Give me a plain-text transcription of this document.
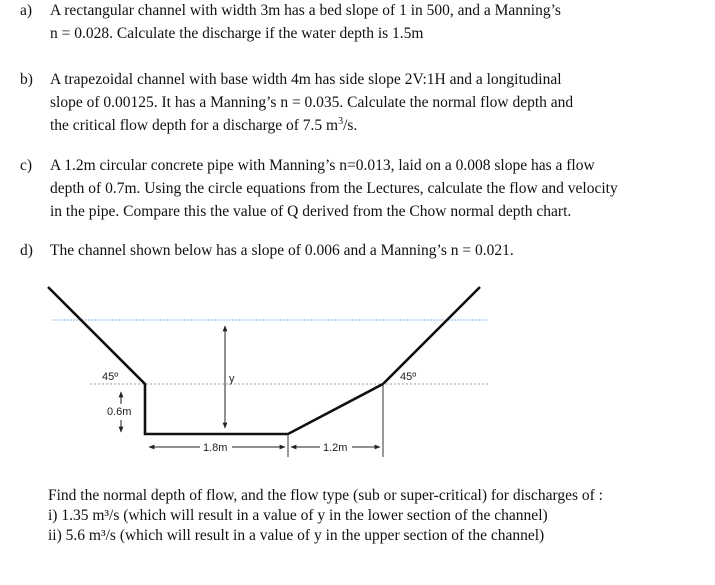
a) A rectangular channel with width 3m has a bed slope of 1 in 500, and a Manning’s
n = 0.028. Calculate the discharge if the water depth is 1.5m
b) A trapezoidal channel with base width 4m has side slope 2V:1H and a longitudinal
slope of 0.00125. It has a Manning’s n = 0.035. Calculate the normal flow depth and
the critical flow depth for a discharge of 7.5 $m^3/s$.
c) A 1.2m circular concrete pipe with Manning’s n=0.013, laid on a 0.008 slope has a flow
depth of 0.7m. Using the circle equations from the Lectures, calculate the flow and velocity
in the pipe. Compare this the value of Q derived from the Chow normal depth chart.
d) The channel shown below has a slope of 0.006 and a Manning’s n = 0.021.
y
45º	45º
0.6m
1.8m	1.2m
Find the normal depth of flow, and the flow type (sub or super-critical) for discharges of :
i) 1.35 m³/s (which will result in a value of y in the lower section of the channel)
ii) 5.6 m³/s (which will result in a value of y in the upper section of the channel)
